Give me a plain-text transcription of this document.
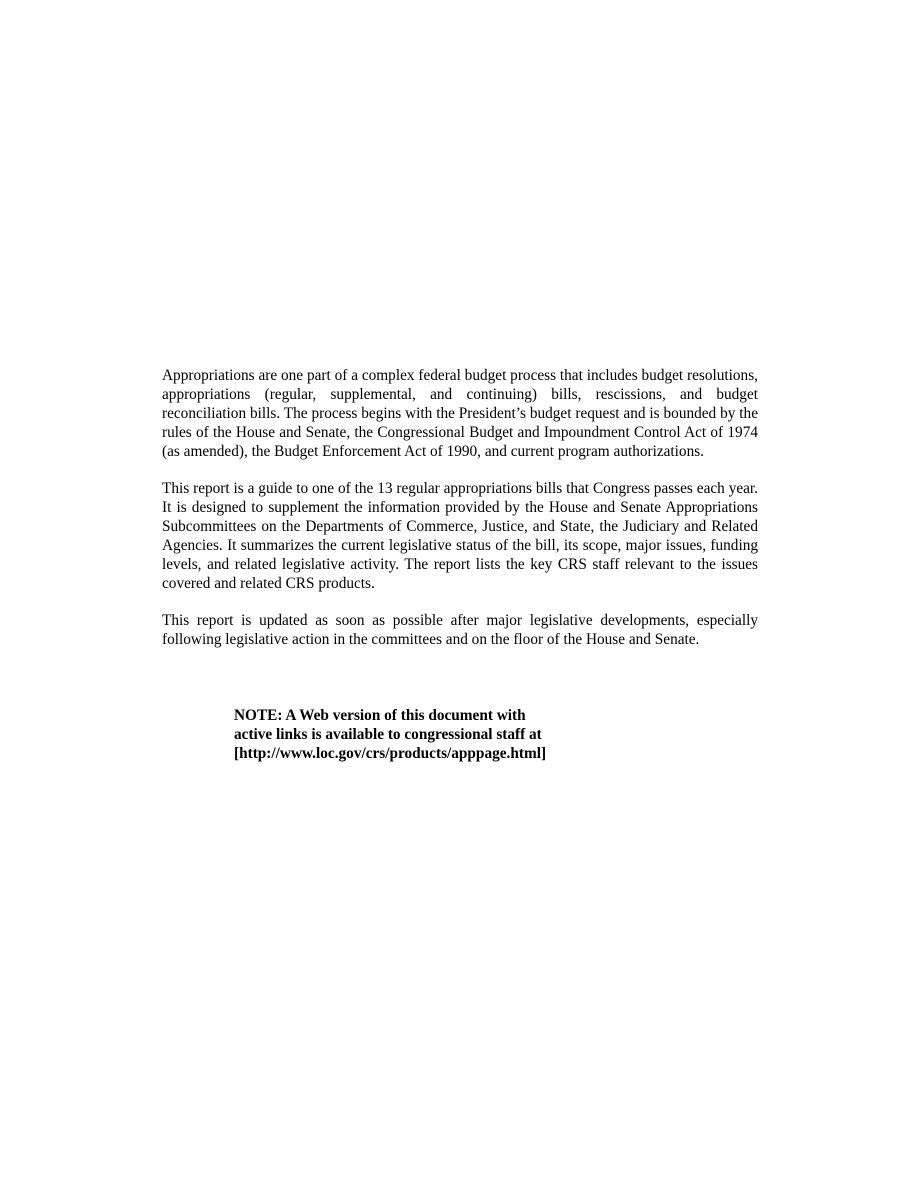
Appropriations are one part of a complex federal budget process that includes budget resolutions, appropriations (regular, supplemental, and continuing) bills, rescissions, and budget reconciliation bills. The process begins with the President’s budget request and is bounded by the rules of the House and Senate, the Congressional Budget and Impoundment Control Act of 1974 (as amended), the Budget Enforcement Act of 1990, and current program authorizations.

This report is a guide to one of the 13 regular appropriations bills that Congress passes each year. It is designed to supplement the information provided by the House and Senate Appropriations Subcommittees on the Departments of Commerce, Justice, and State, the Judiciary and Related Agencies. It summarizes the current legislative status of the bill, its scope, major issues, funding levels, and related legislative activity. The report lists the key CRS staff relevant to the issues covered and related CRS products.

This report is updated as soon as possible after major legislative developments, especially following legislative action in the committees and on the floor of the House and Senate.

NOTE: A Web version of this document with
active links is available to congressional staff at
[http://www.loc.gov/crs/products/apppage.html]
